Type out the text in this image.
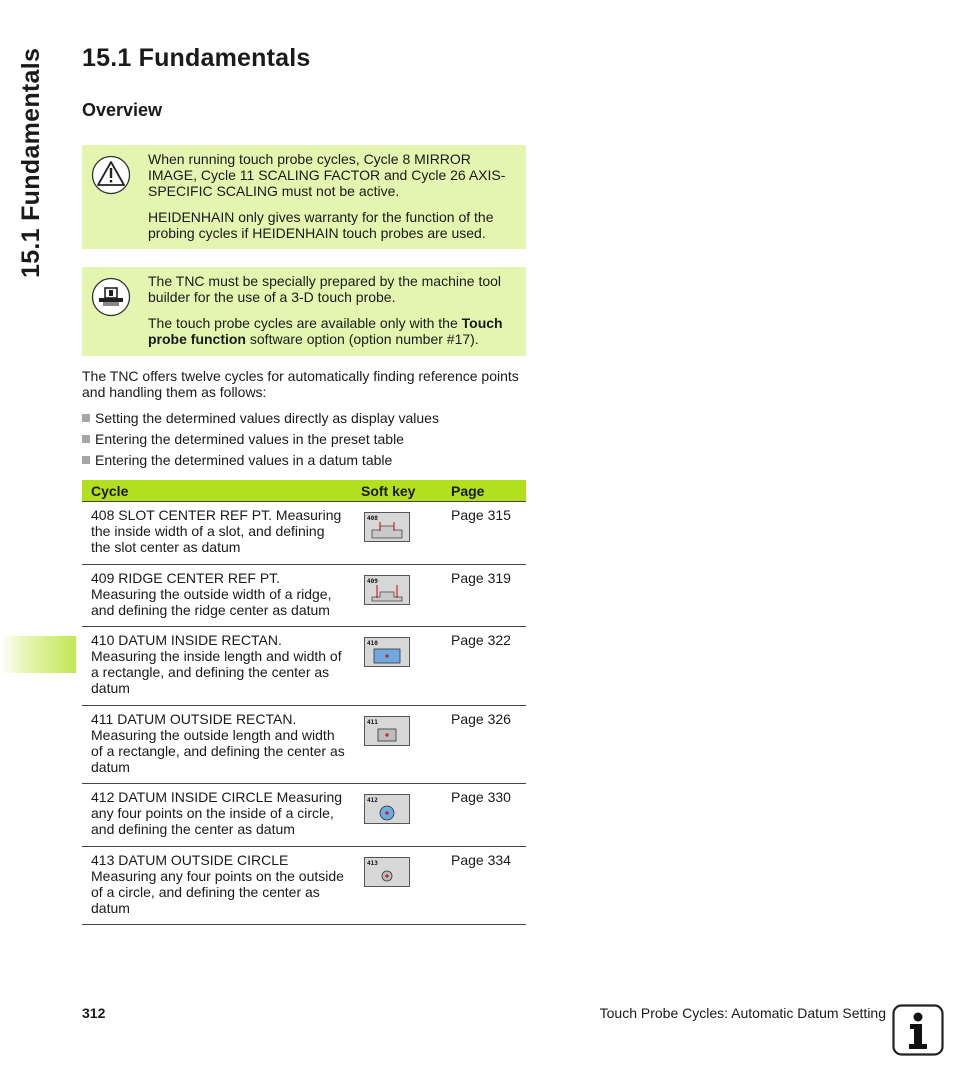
15.1 Fundamentals 15.1 Fundamentals
Overview

When running touch probe cycles, Cycle 8 MIRROR IMAGE, Cycle 11 SCALING FACTOR and Cycle 26 AXIS-SPECIFIC SCALING must not be active.

HEIDENHAIN only gives warranty for the function of the probing cycles if HEIDENHAIN touch probes are used.

The TNC must be specially prepared by the machine tool builder for the use of a 3-D touch probe.

The touch probe cycles are available only with the Touch probe function software option (option number #17).

The TNC offers twelve cycles for automatically finding reference points and handling them as follows:

Setting the determined values directly as display values
Entering the determined values in the preset table
Entering the determined values in a datum table
Cycle	Soft key	Page
408 SLOT CENTER REF PT. Measuring the inside width of a slot, and defining the slot center as datum	408	Page 315
409 RIDGE CENTER REF PT. Measuring the outside width of a ridge, and defining the ridge center as datum	409	Page 319
410 DATUM INSIDE RECTAN. Measuring the inside length and width of a rectangle, and defining the center as datum	410	Page 322
411 DATUM OUTSIDE RECTAN. Measuring the outside length and width of a rectangle, and defining the center as datum	411	Page 326
412 DATUM INSIDE CIRCLE Measuring any four points on the inside of a circle, and defining the center as datum	412	Page 330
413 DATUM OUTSIDE CIRCLE Measuring any four points on the outside of a circle, and defining the center as datum	413	Page 334
312	Touch Probe Cycles: Automatic Datum Setting
